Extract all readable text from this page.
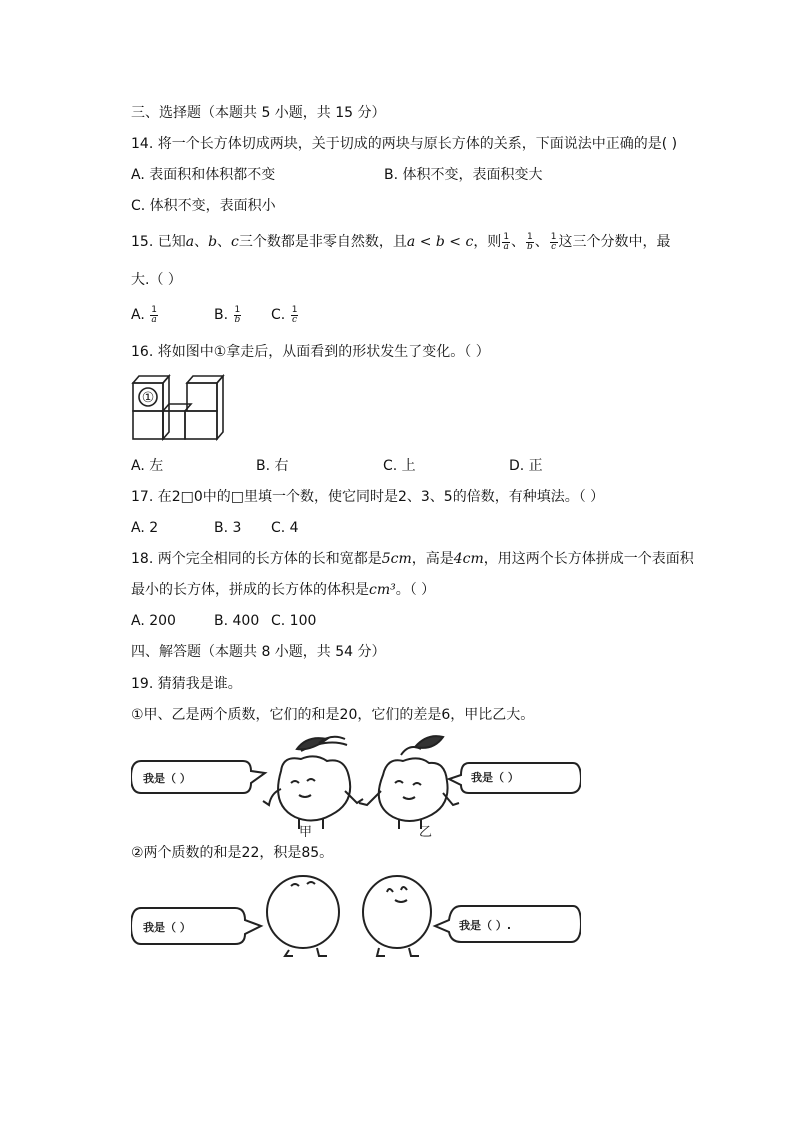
三、选择题（本题共 5 小题，共 15 分）
14. 将一个长方体切成两块，关于切成的两块与原长方体的关系，下面说法中正确的是( )
A. 表面积和体积都不变	B. 体积不变，表面积变大
C. 体积不变，表面积小
15. 已知a、b、c三个数都是非零自然数，且a < b < c，则 $\frac{1}{a}$ 、 $\frac{1}{b}$ 、 $\frac{1}{c}$ 这三个分数中，最
大.（ ）
A. $\frac{1}{a}$	B. $\frac{1}{b} C$. $\frac{1}{c}$
16. 将如图中①拿走后，从面看到的形状发生了变化。（ ）
①
A. 左	B. 右	C. 上	D. 正
17. 在2□0中的□里填一个数，使它同时是2、3、5的倍数，有种填法。（ ）
A. 2	B. 3 C. 4
18. 两个完全相同的长方体的长和宽都是5cm，高是4cm，用这两个长方体拼成一个表面积
最小的长方体，拼成的长方体的体积是cm³。（ ）
A. 200	B. 400 C. 100
四、解答题（本题共 8 小题，共 54 分）
19. 猜猜我是谁。
①甲、乙是两个质数，它们的和是20，它们的差是6，甲比乙大。
我是（ ）	我是（ ）
甲	乙
②两个质数的和是22，积是85。
我是（ ）	我是（ ）.
